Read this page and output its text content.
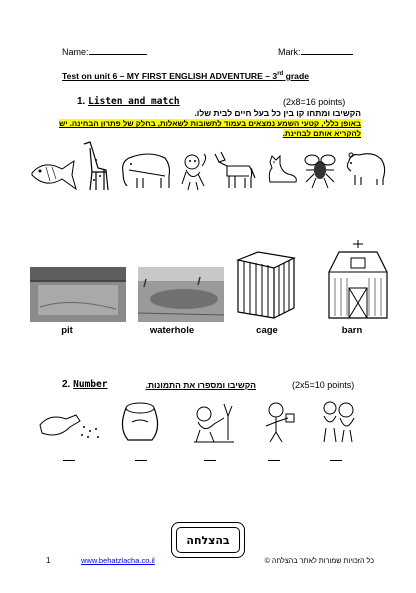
Name:	Mark:
Test on unit 6 – MY FIRST ENGLISH ADVENTURE – 3rd grade
1. Listen and match	(2x8=16 points)
הקשיבו ומתחו קו בין כל בעל חיים לבית שלו.
באופן כללי, קטעי השמע נמצאים בעמוד לתשובות לשאלות, בחלק של פתרון הבחינה. יש
להקריא אותם לבחינת.
pit	waterhole	cage	barn
2. Number	הקשיבו ומספרו את התמונות.	(2x5=10 points)
בהצלחה
1	www.behatzlacha.co.il	כל הזכויות שמורות לאתר בהצלחה ©
